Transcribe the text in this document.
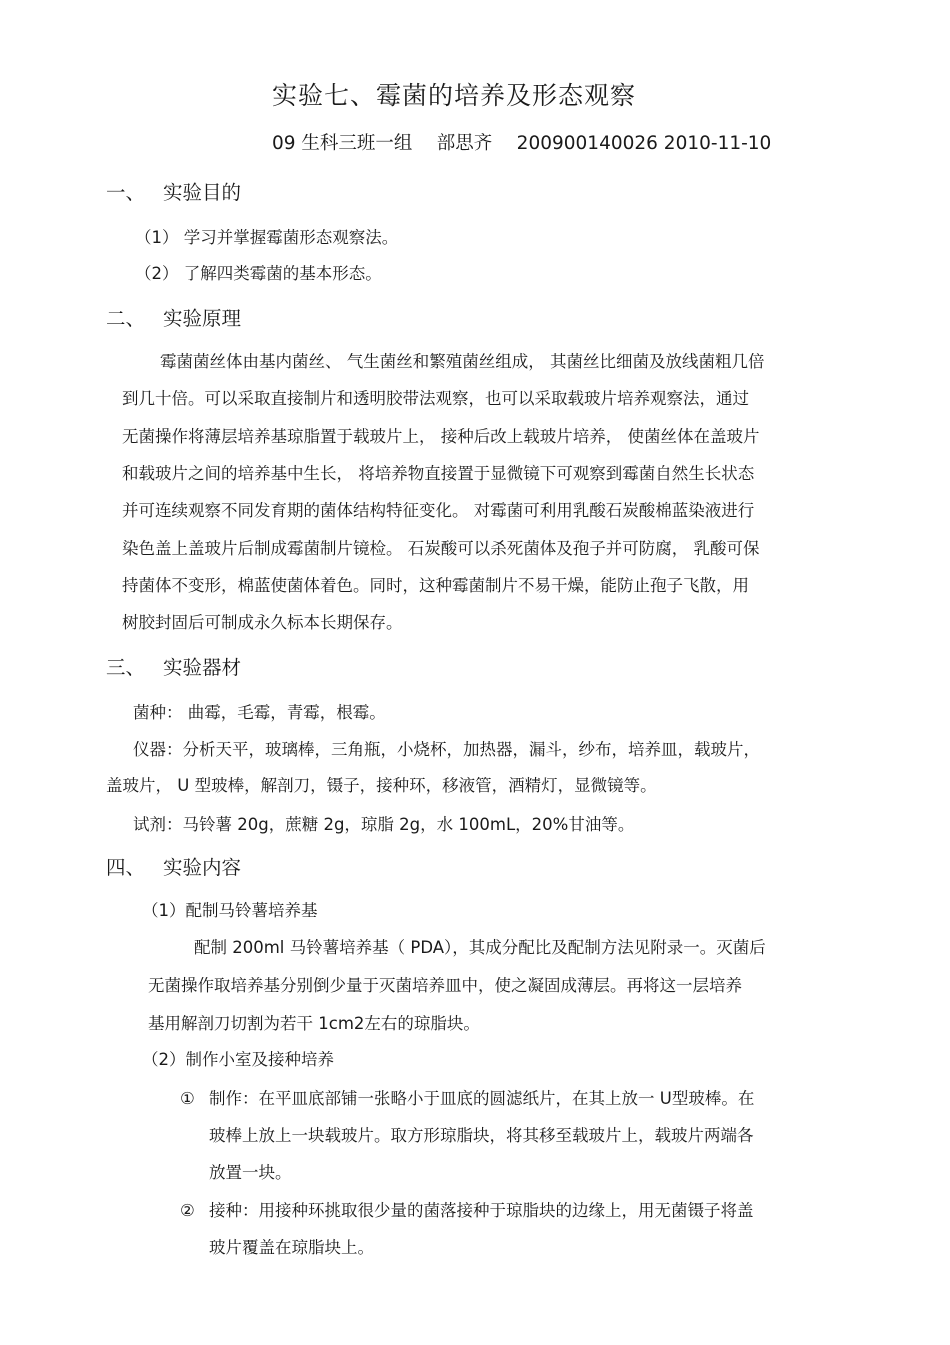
实验七、霉菌的培养及形态观察
09 生科三班一组 　部思齐 　200900140026 2010-11-10
一、 实验目的
（1） 学习并掌握霉菌形态观察法。
（2） 了解四类霉菌的基本形态。
二、 实验原理
霉菌菌丝体由基内菌丝、 气生菌丝和繁殖菌丝组成， 其菌丝比细菌及放线菌粗几倍
到几十倍。可以采取直接制片和透明胶带法观察，也可以采取载玻片培养观察法，通过
无菌操作将薄层培养基琼脂置于载玻片上， 接种后改上载玻片培养， 使菌丝体在盖玻片
和载玻片之间的培养基中生长， 将培养物直接置于显微镜下可观察到霉菌自然生长状态
并可连续观察不同发育期的菌体结构特征变化。 对霉菌可利用乳酸石炭酸棉蓝染液进行
染色盖上盖玻片后制成霉菌制片镜检。 石炭酸可以杀死菌体及孢子并可防腐， 乳酸可保
持菌体不变形，棉蓝使菌体着色。同时，这种霉菌制片不易干燥，能防止孢子飞散，用
树胶封固后可制成永久标本长期保存。
三、 实验器材
菌种： 曲霉，毛霉，青霉，根霉。
仪器：分析天平，玻璃棒，三角瓶，小烧杯，加热器，漏斗，纱布，培养皿，载玻片，
盖玻片， U 型玻棒，解剖刀，镊子，接种环，移液管，酒精灯，显微镜等。
试剂：马铃薯 20g，蔗糖 2g，琼脂 2g，水 100mL，20%甘油等。
四、 实验内容
（1）配制马铃薯培养基
配制 200ml 马铃薯培养基（ PDA），其成分配比及配制方法见附录一。灭菌后
无菌操作取培养基分别倒少量于灭菌培养皿中，使之凝固成薄层。再将这一层培养
基用解剖刀切割为若干 1cm2左右的琼脂块。
（2）制作小室及接种培养
① 制作：在平皿底部铺一张略小于皿底的圆滤纸片，在其上放一 U型玻棒。在
玻棒上放上一块载玻片。取方形琼脂块，将其移至载玻片上，载玻片两端各
放置一块。
② 接种：用接种环挑取很少量的菌落接种于琼脂块的边缘上，用无菌镊子将盖
玻片覆盖在琼脂块上。
